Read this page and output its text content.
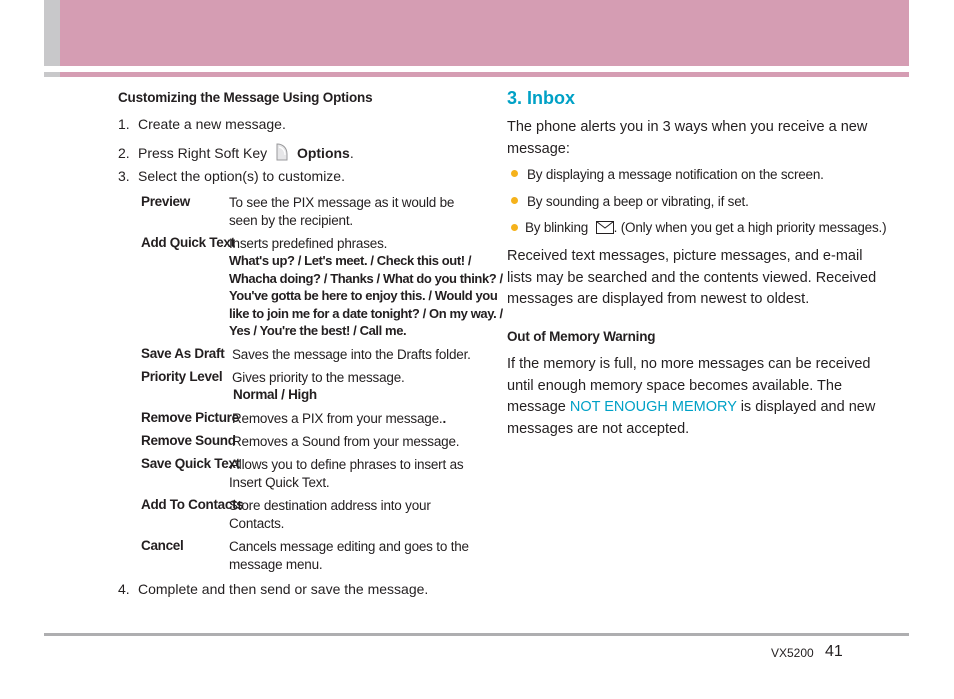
Customizing the Message Using Options
1. Create a new message.
2. Press Right Soft Key Options.
3. Select the option(s) to customize.
Preview	To see the PIX message as it would be
seen by the recipient.
Add Quick Text
Inserts predefined phrases.
What's up? / Let's meet. / Check this out! /
Whacha doing? / Thanks / What do you think? /
You've gotta be here to enjoy this. / Would you
like to join me for a date tonight? / On my way. /
Yes / You're the best! / Call me.
Save As Draft Saves the message into the Drafts folder.
Priority Level Gives priority to the message.
Normal / High
Remove Picture
Removes a PIX from your message..
Remove Sound
Removes a Sound from your message.
Save Quick Text
Allows you to define phrases to insert as
Insert Quick Text.
Add To Contacts
Store destination address into your
Contacts.
Cancel	Cancels message editing and goes to the
message menu.
4. Complete and then send or save the message.
3. Inbox
The phone alerts you in 3 ways when you receive a new
message:
By displaying a message notification on the screen.
By sounding a beep or vibrating, if set.
By blinking . (Only when you get a high priority messages.)
Received text messages, picture messages, and e-mail
lists may be searched and the contents viewed. Received
messages are displayed from newest to oldest.
Out of Memory Warning
If the memory is full, no more messages can be received
until enough memory space becomes available. The
message NOT ENOUGH MEMORY is displayed and new
messages are not accepted.
VX5200 41
